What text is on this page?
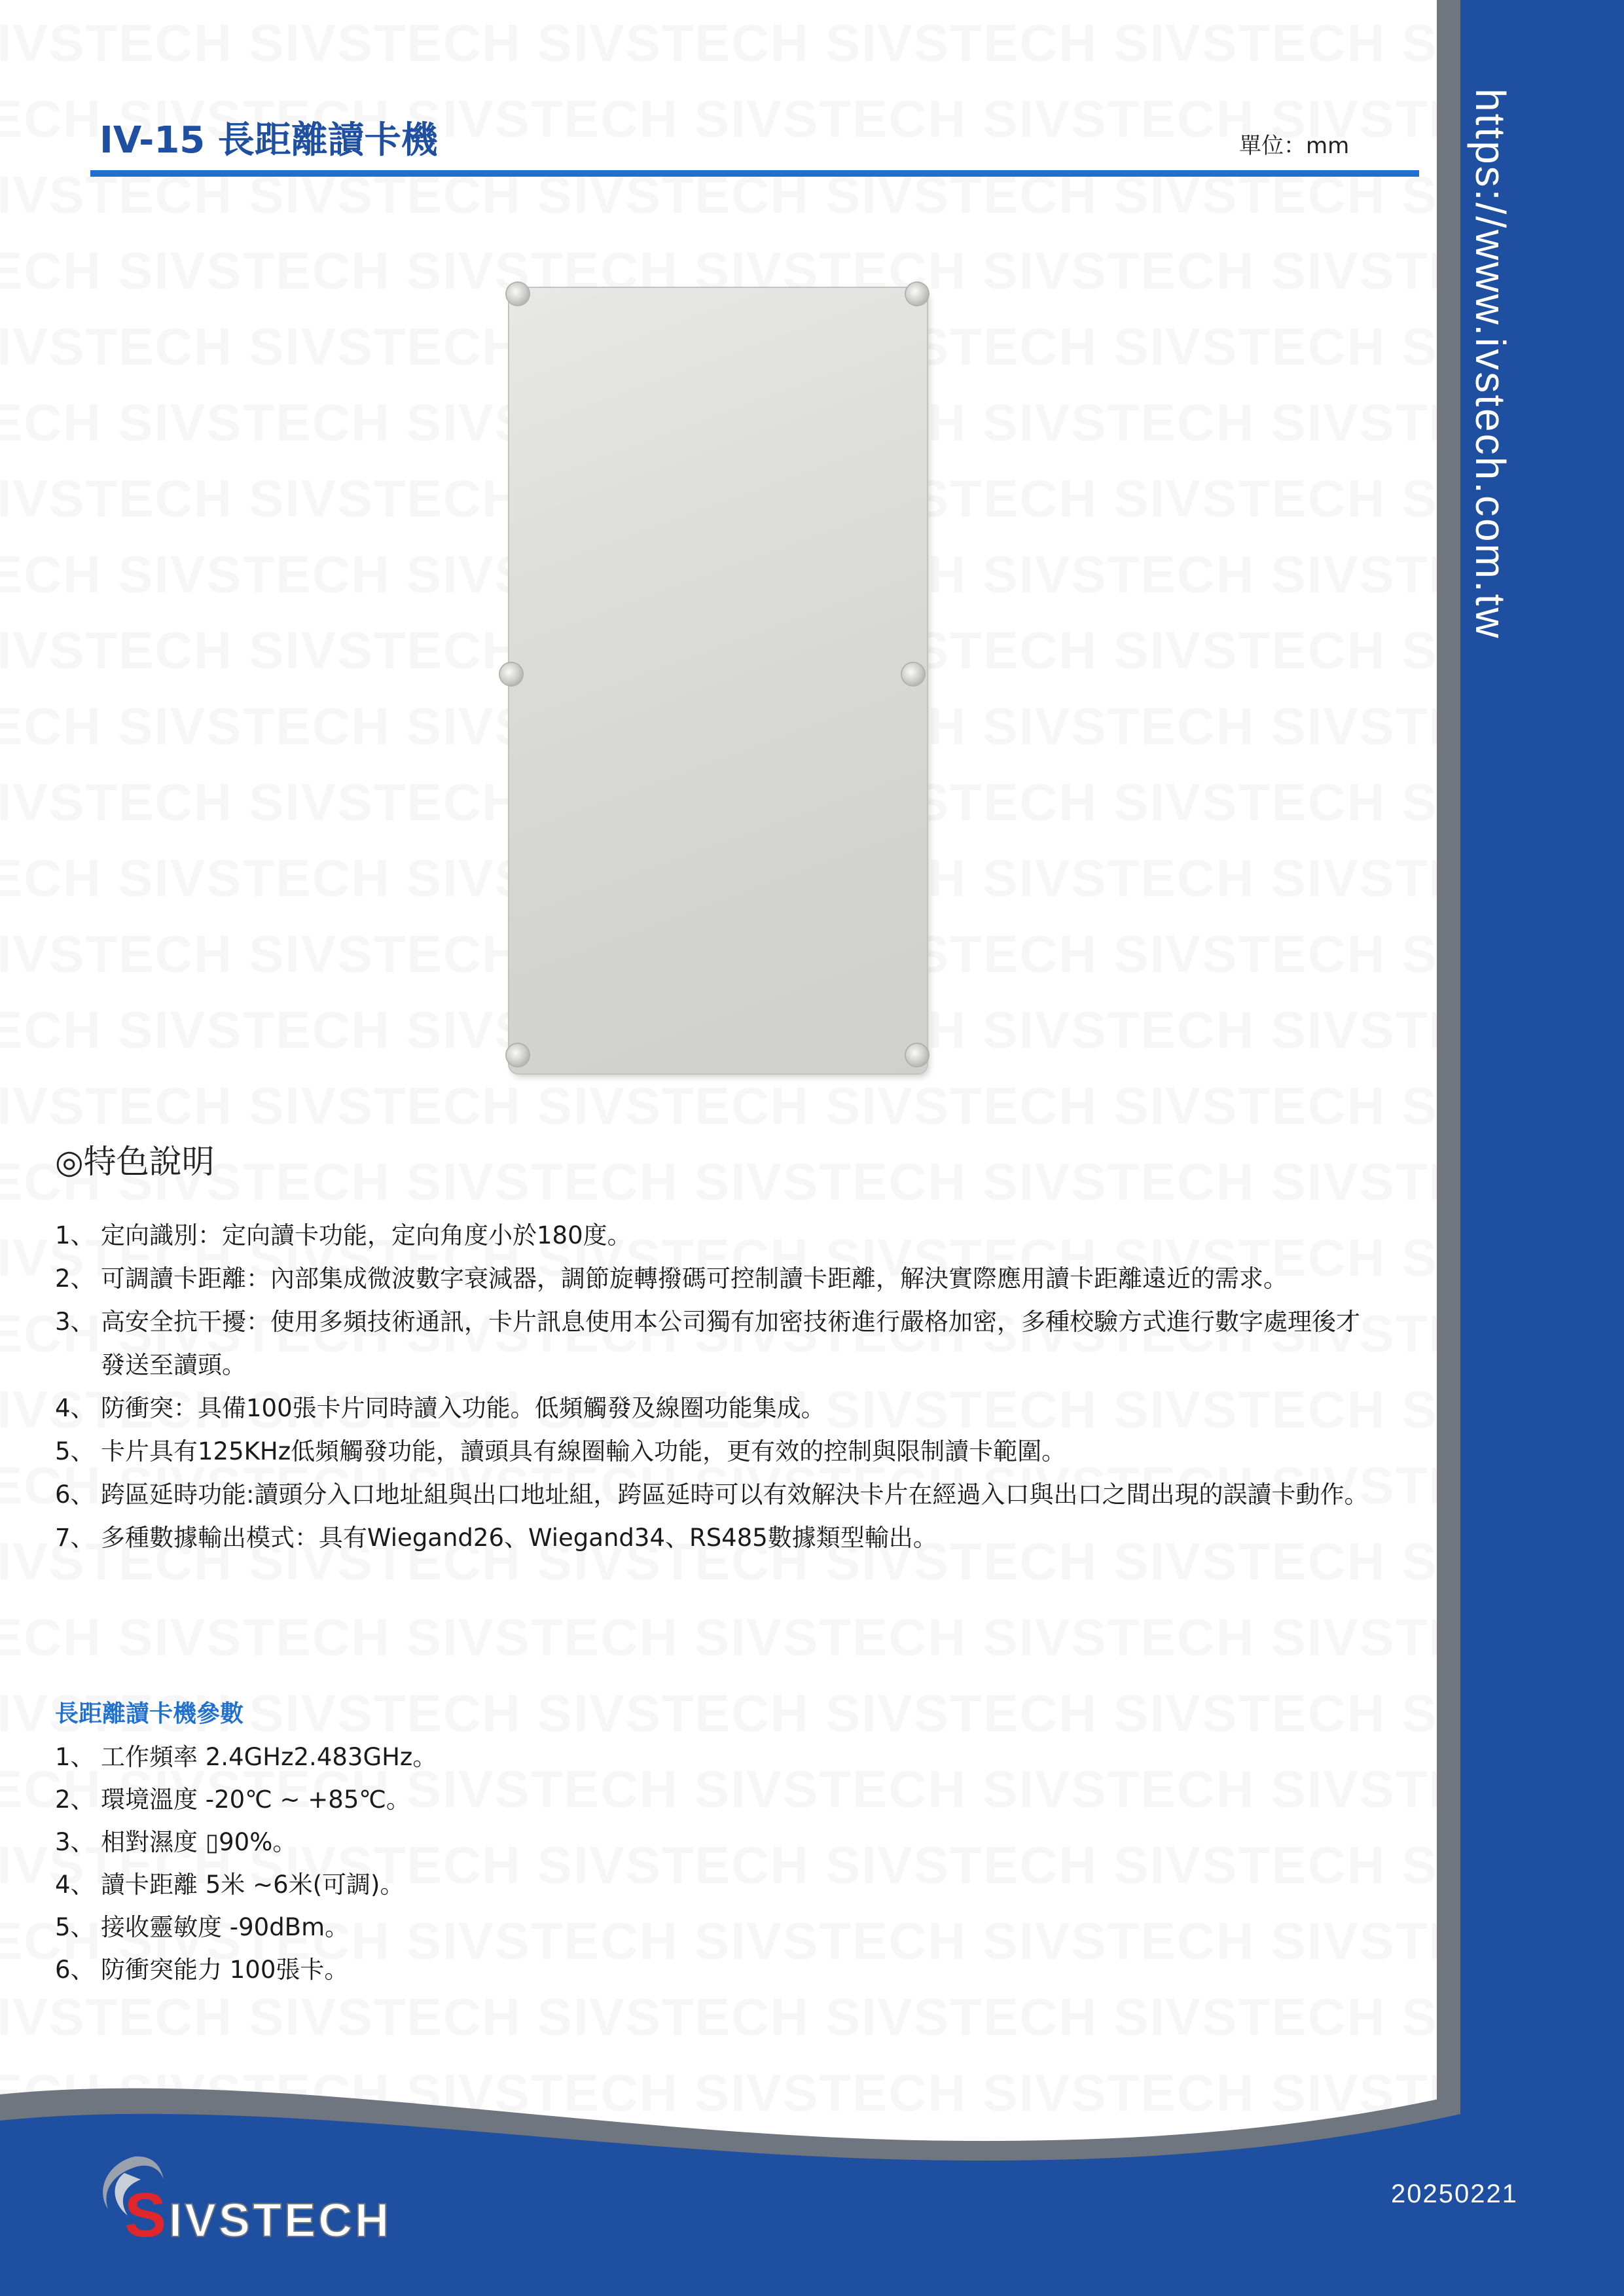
https://www.ivstech.com.tw
IV-15 長距離讀卡機	單位：mm
◎特色說明
1、 定向識別：定向讀卡功能，定向角度小於180度。
2、 可調讀卡距離：內部集成微波數字衰減器，調節旋轉撥碼可控制讀卡距離，解決實際應用讀卡距離遠近的需求。
3、 高安全抗干擾：使用多頻技術通訊，卡片訊息使用本公司獨有加密技術進行嚴格加密，多種校驗方式進行數字處理後才發送至讀頭。
4、 防衝突：具備100張卡片同時讀入功能。低頻觸發及線圈功能集成。
5、 卡片具有125KHz低頻觸發功能，讀頭具有線圈輸入功能，更有效的控制與限制讀卡範圍。
6、 跨區延時功能:讀頭分入口地址組與出口地址組，跨區延時可以有效解決卡片在經過入口與出口之間出現的誤讀卡動作。
7、 多種數據輸出模式：具有Wiegand26、Wiegand34、RS485數據類型輸出。
長距離讀卡機參數
1、 工作頻率 2.4GHz2.483GHz。
2、 環境溫度 -20℃ ~ +85℃。
3、 相對濕度 ▯90%。
4、 讀卡距離 5米 ~6米(可調)。
5、 接收靈敏度 -90dBm。
6、 防衝突能力 100張卡。
SIVSTECH
20250221
